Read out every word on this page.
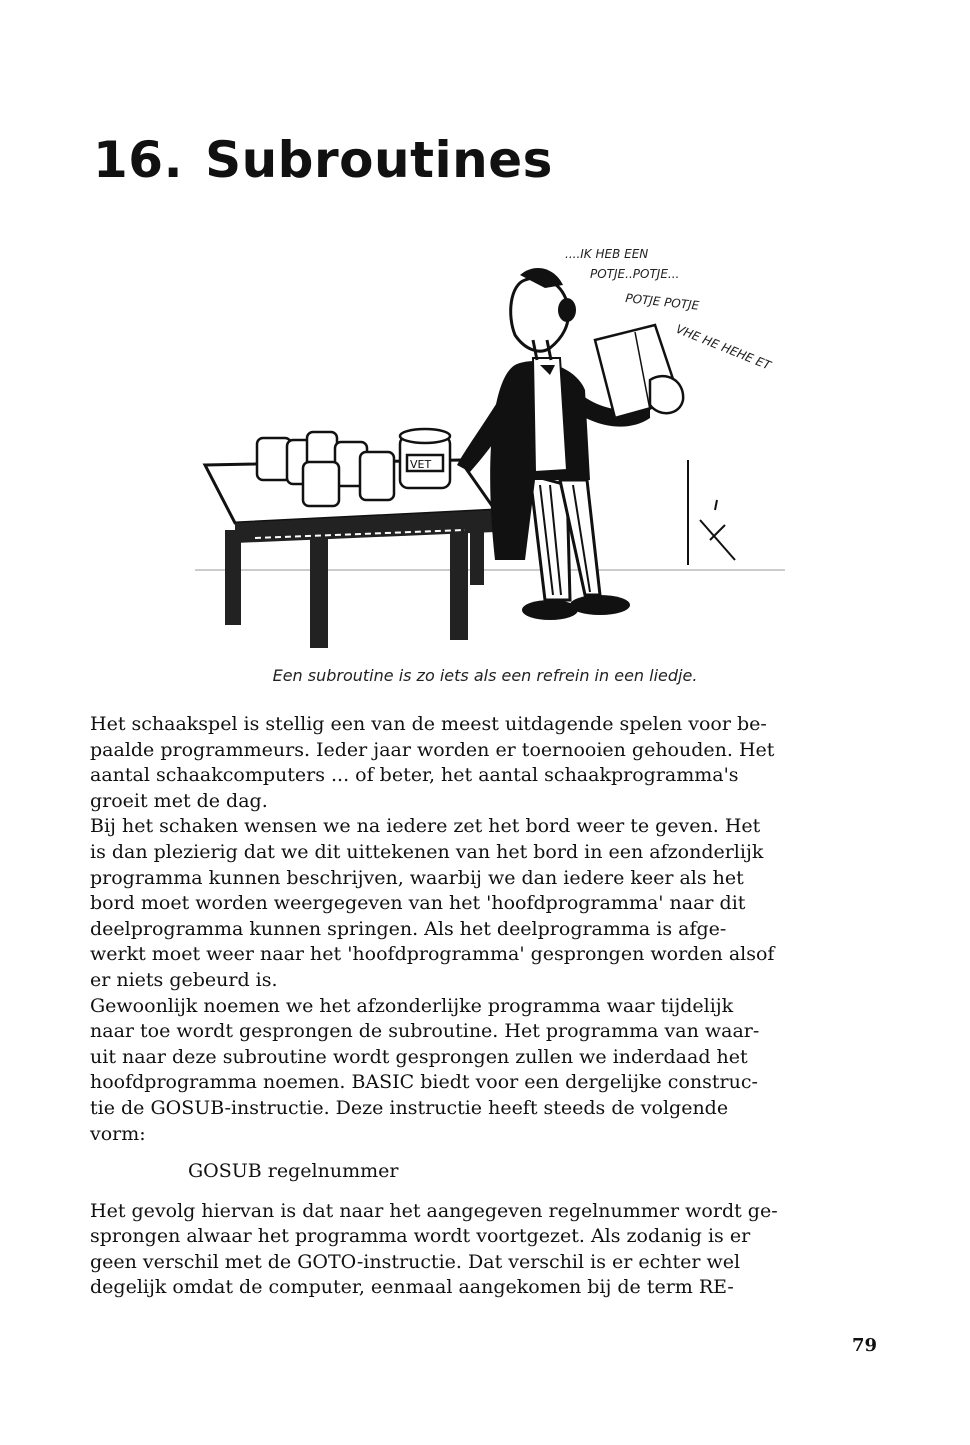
16. Subroutines
VET
....IK HEB EEN
POTJE..POTJE...
POTJE POTJE
VHE HE HEHE ET

Een subroutine is zo iets als een refrein in een liedje.

Het schaakspel is stellig een van de meest uitdagende spelen voor be-
paalde programmeurs. Ieder jaar worden er toernooien gehouden. Het
aantal schaakcomputers ... of beter, het aantal schaakprogramma's
groeit met de dag.

Bij het schaken wensen we na iedere zet het bord weer te geven. Het
is dan plezierig dat we dit uittekenen van het bord in een afzonderlijk
programma kunnen beschrijven, waarbij we dan iedere keer als het
bord moet worden weergegeven van het 'hoofdprogramma' naar dit
deelprogramma kunnen springen. Als het deelprogramma is afge-
werkt moet weer naar het 'hoofdprogramma' gesprongen worden alsof
er niets gebeurd is.

Gewoonlijk noemen we het afzonderlijke programma waar tijdelijk
naar toe wordt gesprongen de subroutine. Het programma van waar-
uit naar deze subroutine wordt gesprongen zullen we inderdaad het
hoofdprogramma noemen. BASIC biedt voor een dergelijke construc-
tie de GOSUB-instructie. Deze instructie heeft steeds de volgende
vorm:

GOSUB regelnummer

Het gevolg hiervan is dat naar het aangegeven regelnummer wordt ge-
sprongen alwaar het programma wordt voortgezet. Als zodanig is er
geen verschil met de GOTO-instructie. Dat verschil is er echter wel
degelijk omdat de computer, eenmaal aangekomen bij de term RE-

79
